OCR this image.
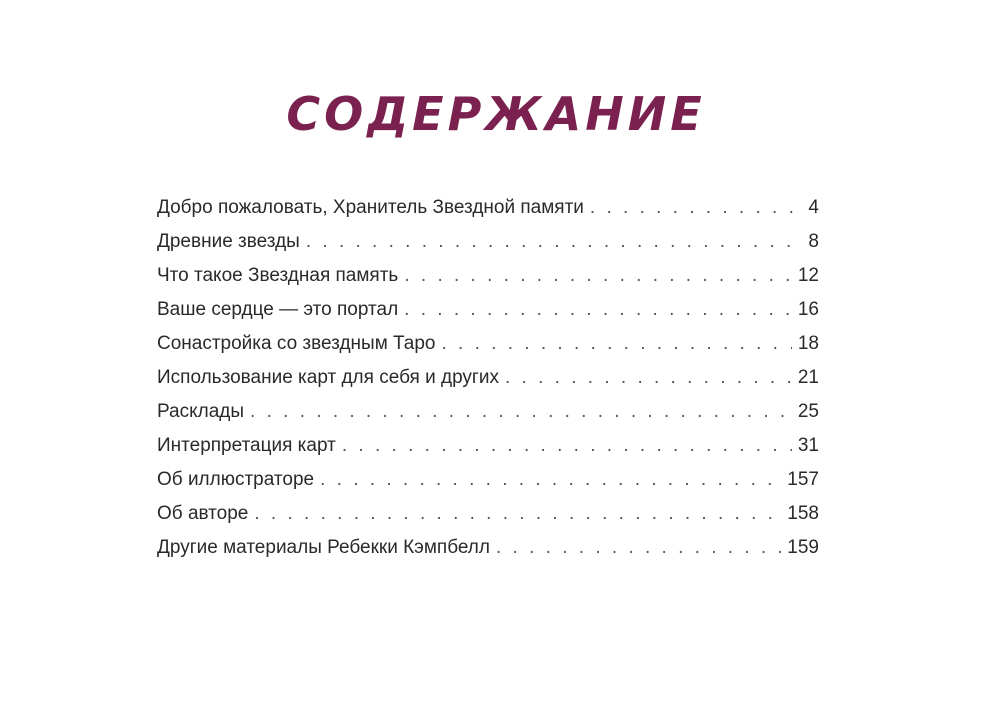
СОДЕРЖАНИЕ
Добро пожаловать, Хранитель Звездной памяти . . .	4
Древние звезды . . .	8
Что такое Звездная память . . .	12
Ваше сердце — это портал . . .	16
Сонастройка со звездным Таро . . .	18
Использование карт для себя и других . . .	21
Расклады . . .	25
Интерпретация карт . . .	31
Об иллюстраторе . . .	157
Об авторе . . .	158
Другие материалы Ребекки Кэмпбелл . . .	159
